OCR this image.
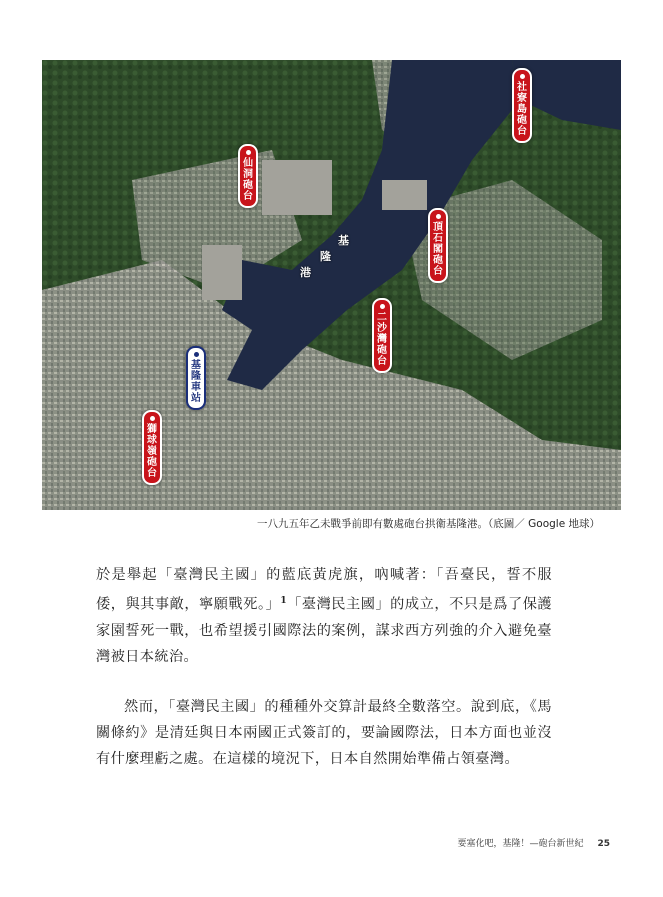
社寮島砲台
仙洞砲台
頂石閣砲台
二沙灣砲台
基隆車站
獅球嶺砲台
基
隆
港
一八九五年乙未戰爭前即有數處砲台拱衛基隆港。（底圖／ Google 地球）

於是舉起「臺灣民主國」的藍底黃虎旗，吶喊著：「吾臺民，誓不服倭，與其事敵，寧願戰死。」$^1$「臺灣民主國」的成立，不只是爲了保護家園誓死一戰，也希望援引國際法的案例，謀求西方列強的介入避免臺灣被日本統治。

然而，「臺灣民主國」的種種外交算計最終全數落空。說到底，《馬關條約》是清廷與日本兩國正式簽訂的，要論國際法，日本方面也並沒有什麼理虧之處。在這樣的境況下，日本自然開始準備占領臺灣。

要塞化吧，基隆！—砲台新世紀 25
